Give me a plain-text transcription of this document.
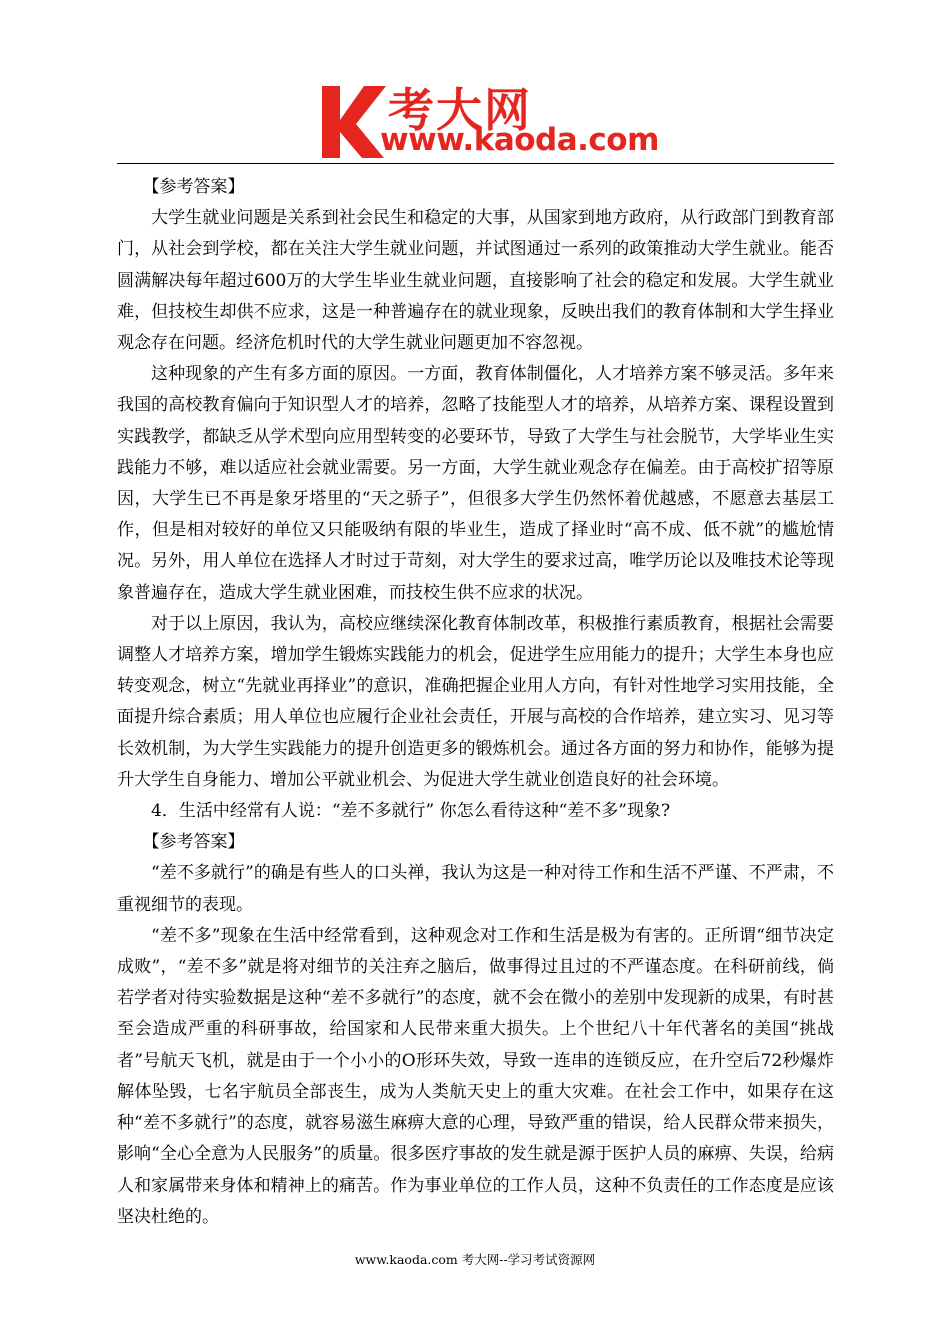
考大网
www.kaoda.com

【参考答案】

大学生就业问题是关系到社会民生和稳定的大事，从国家到地方政府，从行政部门到教育部门，从社会到学校，都在关注大学生就业问题，并试图通过一系列的政策推动大学生就业。能否圆满解决每年超过600万的大学生毕业生就业问题，直接影响了社会的稳定和发展。大学生就业难，但技校生却供不应求，这是一种普遍存在的就业现象，反映出我们的教育体制和大学生择业观念存在问题。经济危机时代的大学生就业问题更加不容忽视。

这种现象的产生有多方面的原因。一方面，教育体制僵化，人才培养方案不够灵活。多年来我国的高校教育偏向于知识型人才的培养，忽略了技能型人才的培养，从培养方案、课程设置到实践教学，都缺乏从学术型向应用型转变的必要环节，导致了大学生与社会脱节，大学毕业生实践能力不够，难以适应社会就业需要。另一方面，大学生就业观念存在偏差。由于高校扩招等原因，大学生已不再是象牙塔里的“天之骄子”，但很多大学生仍然怀着优越感，不愿意去基层工作，但是相对较好的单位又只能吸纳有限的毕业生，造成了择业时“高不成、低不就”的尴尬情况。另外，用人单位在选择人才时过于苛刻，对大学生的要求过高，唯学历论以及唯技术论等现象普遍存在，造成大学生就业困难，而技校生供不应求的状况。

对于以上原因，我认为，高校应继续深化教育体制改革，积极推行素质教育，根据社会需要调整人才培养方案，增加学生锻炼实践能力的机会，促进学生应用能力的提升；大学生本身也应转变观念，树立“先就业再择业”的意识，准确把握企业用人方向，有针对性地学习实用技能，全面提升综合素质；用人单位也应履行企业社会责任，开展与高校的合作培养，建立实习、见习等长效机制，为大学生实践能力的提升创造更多的锻炼机会。通过各方面的努力和协作，能够为提升大学生自身能力、增加公平就业机会、为促进大学生就业创造良好的社会环境。

4．生活中经常有人说：“差不多就行” 你怎么看待这种“差不多”现象?

【参考答案】

“差不多就行”的确是有些人的口头禅，我认为这是一种对待工作和生活不严谨、不严肃，不重视细节的表现。

“差不多”现象在生活中经常看到，这种观念对工作和生活是极为有害的。正所谓“细节决定成败”，“差不多”就是将对细节的关注弃之脑后，做事得过且过的不严谨态度。在科研前线，倘若学者对待实验数据是这种“差不多就行”的态度，就不会在微小的差别中发现新的成果，有时甚至会造成严重的科研事故，给国家和人民带来重大损失。上个世纪八十年代著名的美国“挑战者”号航天飞机，就是由于一个小小的O形环失效，导致一连串的连锁反应，在升空后72秒爆炸解体坠毁，七名宇航员全部丧生，成为人类航天史上的重大灾难。在社会工作中，如果存在这种“差不多就行”的态度，就容易滋生麻痹大意的心理，导致严重的错误，给人民群众带来损失，影响“全心全意为人民服务”的质量。很多医疗事故的发生就是源于医护人员的麻痹、失误，给病人和家属带来身体和精神上的痛苦。作为事业单位的工作人员，这种不负责任的工作态度是应该坚决杜绝的。

www.kaoda.com 考大网--学习考试资源网
